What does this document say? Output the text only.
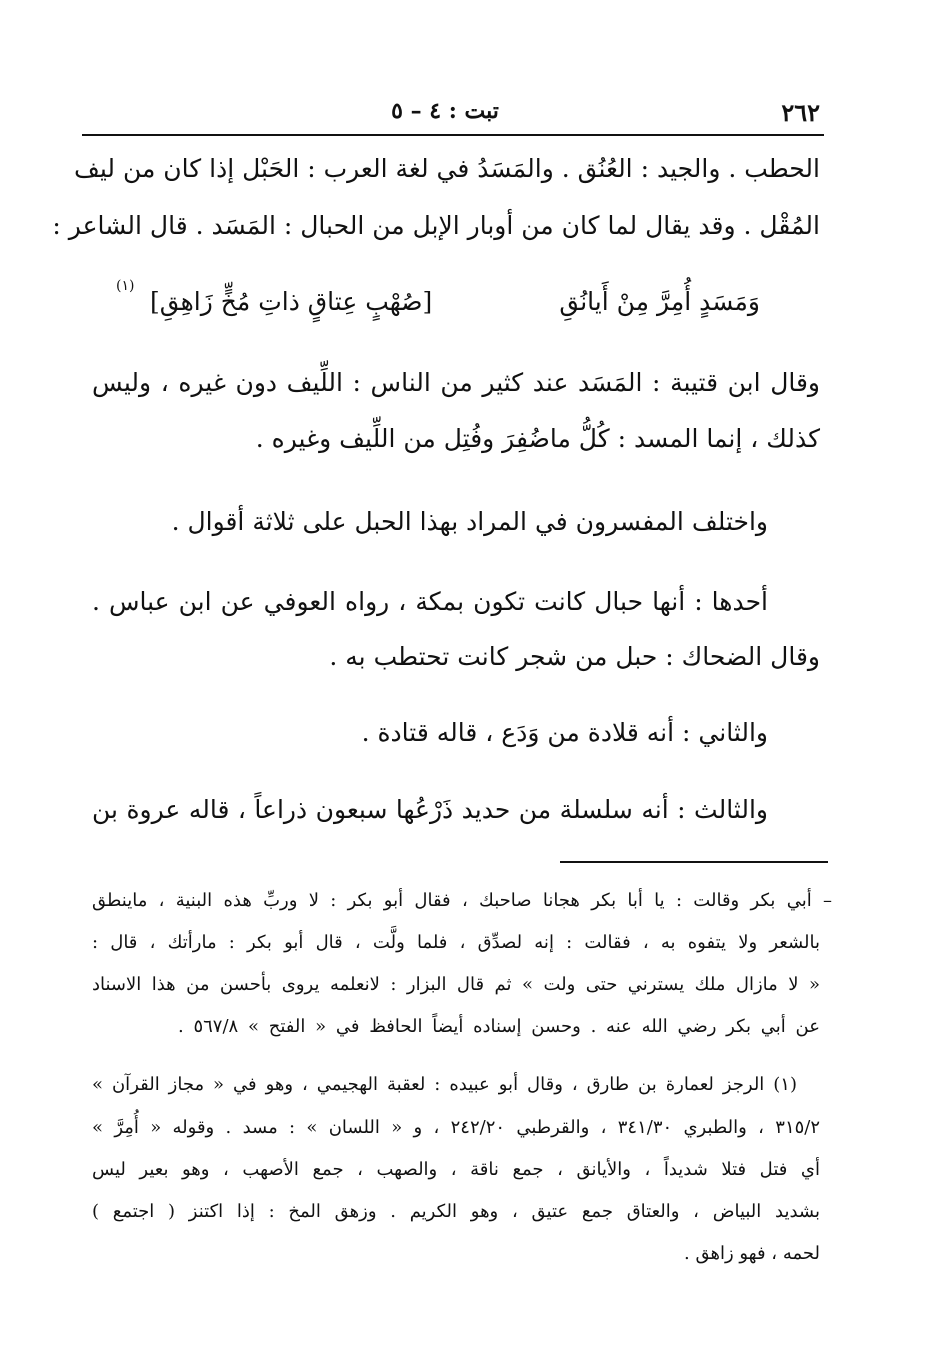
٢٦٢
تبت : ٤ – ٥
الحطب . والجيد : العُنُق . والمَسَدُ في لغة العرب : الحَبْل إذا كان من ليف
المُقْل . وقد يقال لما كان من أوبار الإبل من الحبال : المَسَد . قال الشاعر :
وَمَسَدٍ أُمِرَّ مِنْ أَيانُقِ
[صُهْبٍ عِتاقٍ ذاتِ مُخٍّ زَاهِقِ]
(١)
وقال ابن قتيبة : المَسَد عند كثير من الناس : اللِّيف دون غيره ، وليس
كذلك ، إنما المسد : كُلُّ ماضُفِرَ وفُتِل من اللِّيف وغيره .
واختلف المفسرون في المراد بهذا الحبل على ثلاثة أقوال .
أحدها : أنها حبال كانت تكون بمكة ، رواه العوفي عن ابن عباس .
وقال الضحاك : حبل من شجر كانت تحتطب به .
والثاني : أنه قلادة من وَدَع ، قاله قتادة .
والثالث : أنه سلسلة من حديد ذَرْعُها سبعون ذراعاً ، قاله عروة بن
– أبي بكر وقالت : يا أبا بكر هجانا صاحبك ، فقال أبو بكر : لا وربِّ هذه البنية ، ماينطق
بالشعر ولا يتفوه به ، فقالت : إنه لصدِّق ، فلما ولَّت ، قال أبو بكر : مارأتك ، قال :
« لا مازال ملك يسترني حتى ولت » ثم قال البزار : لانعلمه يروى بأحسن من هذا الاسناد
عن أبي بكر رضي الله عنه . وحسن إسناده أيضاً الحافظ في « الفتح » ٥٦٧/٨ .
(١) الرجز لعمارة بن طارق ، وقال أبو عبيده : لعقبة الهجيمي ، وهو في « مجاز القرآن »
٣١٥/٢ ، والطبري ٣٤١/٣٠ ، والقرطبي ٢٤٢/٢٠ ، و « اللسان » : مسد . وقوله « أُمِرَّ »
أي فتل فتلا شديداً ، والأيانق ، جمع ناقة ، والصهب ، جمع الأصهب ، وهو بعير ليس
بشديد البياض ، والعتاق جمع عتيق ، وهو الكريم . وزهق المخ : إذا اكتنز ( اجتمع )
لحمه ، فهو زاهق .
